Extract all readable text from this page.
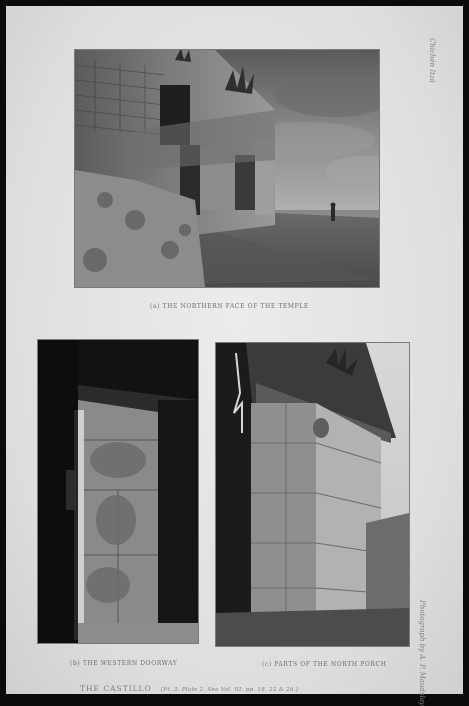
(a) THE NORTHERN FACE OF THE TEMPLE
(b) THE WESTERN DOORWAY	(c) PARTS OF THE NORTH PORCH
THE CASTILLO [Pt. 3. Plate 2. See Vol. III. pp. 18, 22 & 26.]
Chichén Itzá
Photograph by A. P. Maudslay
